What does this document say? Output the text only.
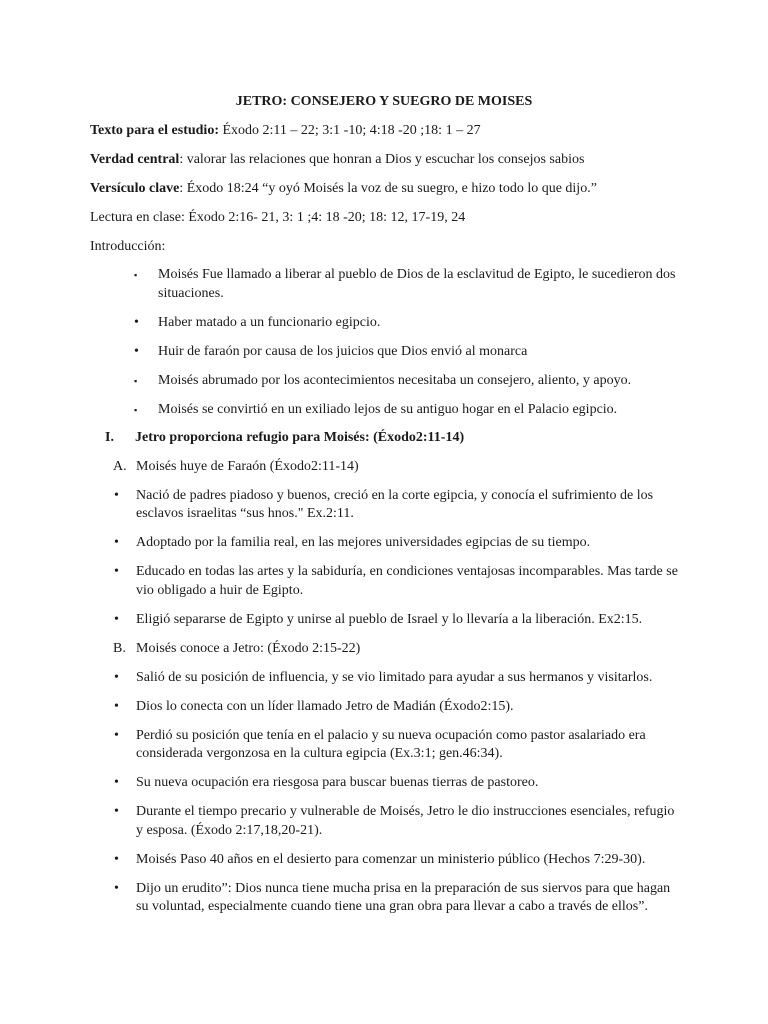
JETRO: CONSEJERO Y SUEGRO DE MOISES
Texto para el estudio: Éxodo 2:11 – 22; 3:1 -10; 4:18 -20 ;18: 1 – 27
Verdad central: valorar las relaciones que honran a Dios y escuchar los consejos sabios
Versículo clave: Éxodo 18:24 “y oyó Moisés la voz de su suegro, e hizo todo lo que dijo.”
Lectura en clase: Éxodo 2:16- 21, 3: 1 ;4: 18 -20; 18: 12, 17-19, 24
Introducción:
▪ Moisés Fue llamado a liberar al pueblo de Dios de la esclavitud de Egipto, le sucedieron dos situaciones.
• Haber matado a un funcionario egipcio.
• Huir de faraón por causa de los juicios que Dios envió al monarca
▪ Moisés abrumado por los acontecimientos necesitaba un consejero, aliento, y apoyo.
▪ Moisés se convirtió en un exiliado lejos de su antiguo hogar en el Palacio egipcio.
I. Jetro proporciona refugio para Moisés: (Éxodo2:11-14)
A. Moisés huye de Faraón (Éxodo2:11-14)
• Nació de padres piadoso y buenos, creció en la corte egipcia, y conocía el sufrimiento de los esclavos israelitas “sus hnos." Ex.2:11.
• Adoptado por la familia real, en las mejores universidades egipcias de su tiempo.
• Educado en todas las artes y la sabiduría, en condiciones ventajosas incomparables. Mas tarde se vio obligado a huir de Egipto.
• Eligió separarse de Egipto y unirse al pueblo de Israel y lo llevaría a la liberación. Ex2:15.
B. Moisés conoce a Jetro: (Éxodo 2:15-22)
• Salió de su posición de influencia, y se vio limitado para ayudar a sus hermanos y visitarlos.
• Dios lo conecta con un líder llamado Jetro de Madián (Éxodo2:15).
• Perdió su posición que tenía en el palacio y su nueva ocupación como pastor asalariado era considerada vergonzosa en la cultura egipcia (Ex.3:1; gen.46:34).
• Su nueva ocupación era riesgosa para buscar buenas tierras de pastoreo.
• Durante el tiempo precario y vulnerable de Moisés, Jetro le dio instrucciones esenciales, refugio y esposa. (Éxodo 2:17,18,20-21).
• Moisés Paso 40 años en el desierto para comenzar un ministerio público (Hechos 7:29-30).
• Dijo un erudito”: Dios nunca tiene mucha prisa en la preparación de sus siervos para que hagan su voluntad, especialmente cuando tiene una gran obra para llevar a cabo a través de ellos”.
